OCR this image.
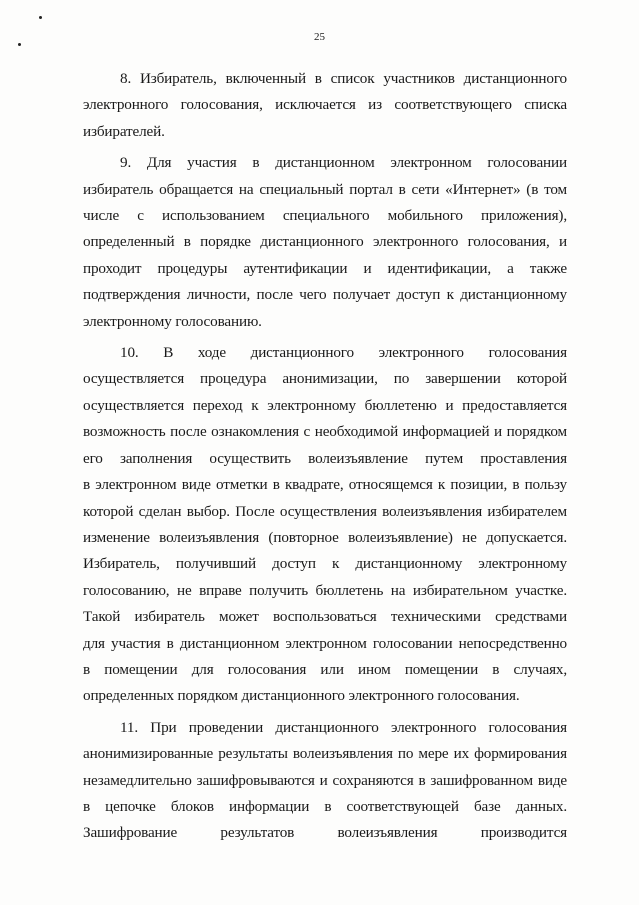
25

8. Избиратель, включенный в список участников дистанционного
электронного голосования, исключается из соответствующего списка
избирателей.

9. Для участия в дистанционном электронном голосовании
избиратель обращается на специальный портал в сети «Интернет» (в том
числе с использованием специального мобильного приложения),
определенный в порядке дистанционного электронного голосования, и
проходит процедуры аутентификации и идентификации, а также
подтверждения личности, после чего получает доступ к дистанционному
электронному голосованию.

10. В ходе дистанционного электронного голосования
осуществляется процедура анонимизации, по завершении которой
осуществляется переход к электронному бюллетеню и предоставляется
возможность после ознакомления с необходимой информацией и порядком
его заполнения осуществить волеизъявление путем проставления
в электронном виде отметки в квадрате, относящемся к позиции, в пользу
которой сделан выбор. После осуществления волеизъявления избирателем
изменение волеизъявления (повторное волеизъявление) не допускается.
Избиратель, получивший доступ к дистанционному электронному
голосованию, не вправе получить бюллетень на избирательном участке.
Такой избиратель может воспользоваться техническими средствами
для участия в дистанционном электронном голосовании непосредственно
в помещении для голосования или ином помещении в случаях,
определенных порядком дистанционного электронного голосования.

11. При проведении дистанционного электронного голосования
анонимизированные результаты волеизъявления по мере их формирования
незамедлительно зашифровываются и сохраняются в зашифрованном виде
в цепочке блоков информации в соответствующей базе данных.
Зашифрование результатов волеизъявления производится
